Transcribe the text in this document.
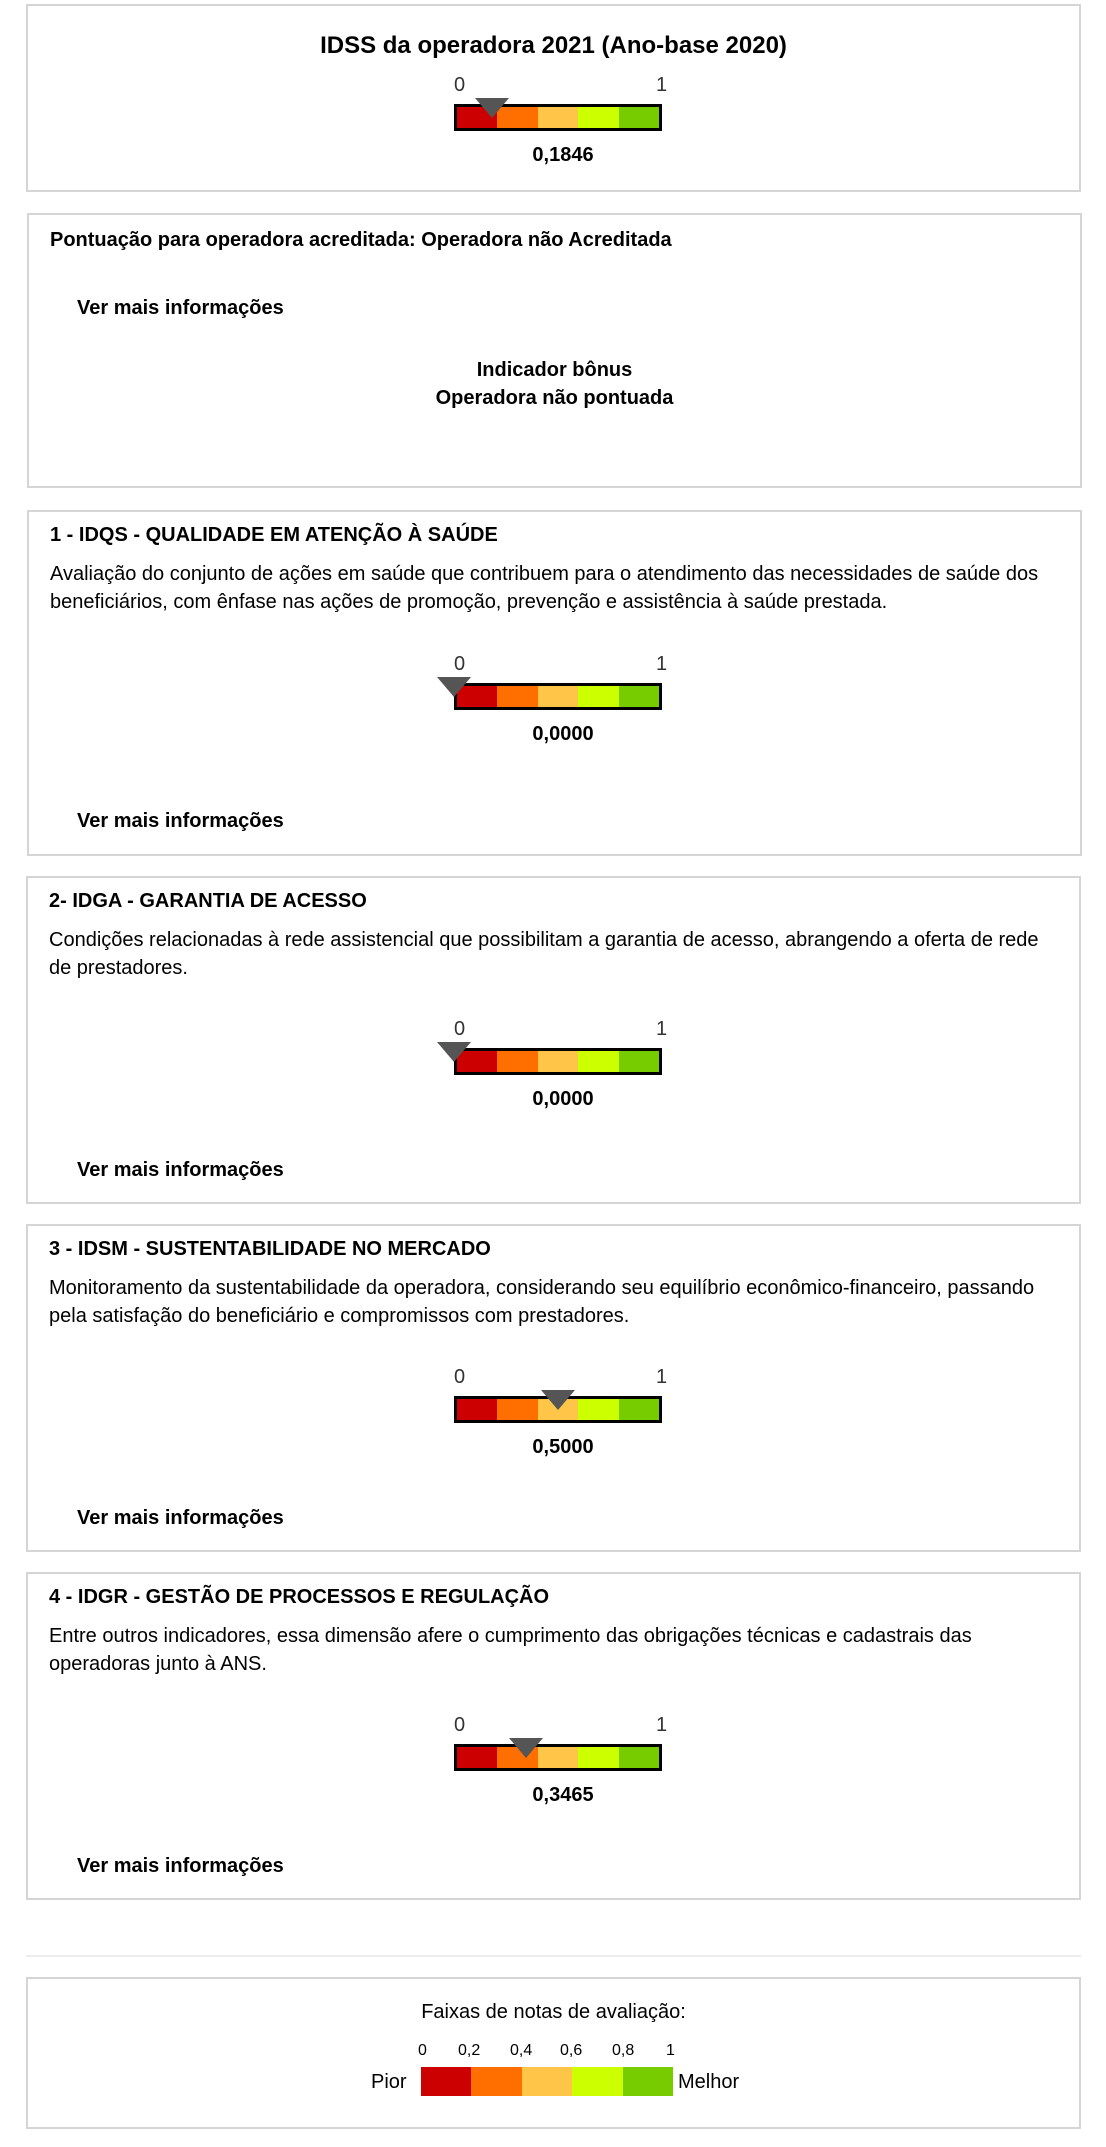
IDSS da operadora 2021 (Ano-base 2020)
0	1
0,1846
Pontuação para operadora acreditada: Operadora não Acreditada
Ver mais informações
Indicador bônus
Operadora não pontuada
1 - IDQS - QUALIDADE EM ATENÇÃO À SAÚDE
Avaliação do conjunto de ações em saúde que contribuem para o atendimento das necessidades de saúde dos beneficiários, com ênfase nas ações de promoção, prevenção e assistência à saúde prestada.
0	1
0,0000
Ver mais informações
2- IDGA - GARANTIA DE ACESSO
Condições relacionadas à rede assistencial que possibilitam a garantia de acesso, abrangendo a oferta de rede de prestadores.
0	1
0,0000
Ver mais informações
3 - IDSM - SUSTENTABILIDADE NO MERCADO
Monitoramento da sustentabilidade da operadora, considerando seu equilíbrio econômico-financeiro, passando pela satisfação do beneficiário e compromissos com prestadores.
0	1
0,5000
Ver mais informações
4 - IDGR - GESTÃO DE PROCESSOS E REGULAÇÃO
Entre outros indicadores, essa dimensão afere o cumprimento das obrigações técnicas e cadastrais das operadoras junto à ANS.
0	1
0,3465
Ver mais informações
Faixas de notas de avaliação:
0 0,2 0,4 0,6 0,8 1
Pior	Melhor
